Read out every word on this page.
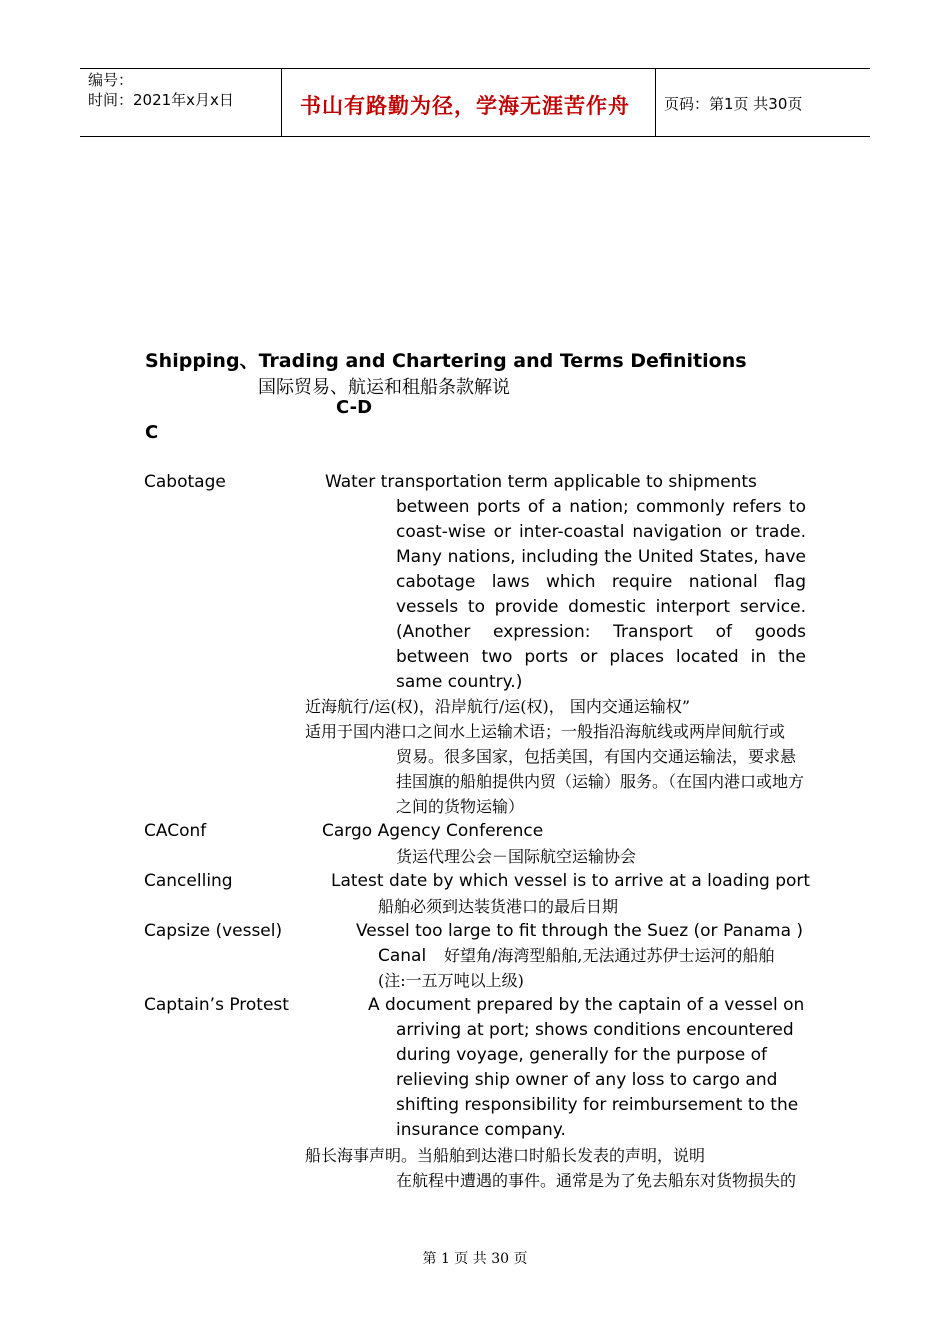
编号：
时间：2021年x月x日	书山有路勤为径，学海无涯苦作舟 页码：第1页 共30页
Shipping、Trading and Chartering and Terms Definitions
国际贸易、航运和租船条款解说
C-D
C
Cabotage	Water transportation term applicable to shipments
between ports of a nation; commonly refers to coast-wise or inter-coastal navigation or trade. Many nations, including the United States, have cabotage laws which require national flag vessels to provide domestic interport service. (Another expression: Transport of goods between two ports or places located in the same country.)
近海航行/运(权)，沿岸航行/运(权)， 国内交通运输权”
适用于国内港口之间水上运输术语；一般指沿海航线或两岸间航行或
贸易。很多国家，包括美国，有国内交通运输法，要求悬挂国旗的船舶提供内贸（运输）服务。（在国内港口或地方之间的货物运输）
CAConf	Cargo Agency Conference
货运代理公会－国际航空运输协会
Cancelling	Latest date by which vessel is to arrive at a loading port
船舶必须到达装货港口的最后日期
Capsize (vessel)	Vessel too large to fit through the Suez (or Panama )
Canal 好望角/海湾型船舶,无法通过苏伊士运河的船舶
(注:一五万吨以上级)
Captain’s Protest	A document prepared by the captain of a vessel on
arriving at port; shows conditions encountered
during voyage, generally for the purpose of
relieving ship owner of any loss to cargo and
shifting responsibility for reimbursement to the
insurance company.
船长海事声明。当船舶到达港口时船长发表的声明，说明
在航程中遭遇的事件。通常是为了免去船东对货物损失的
第 1 页 共 30 页
